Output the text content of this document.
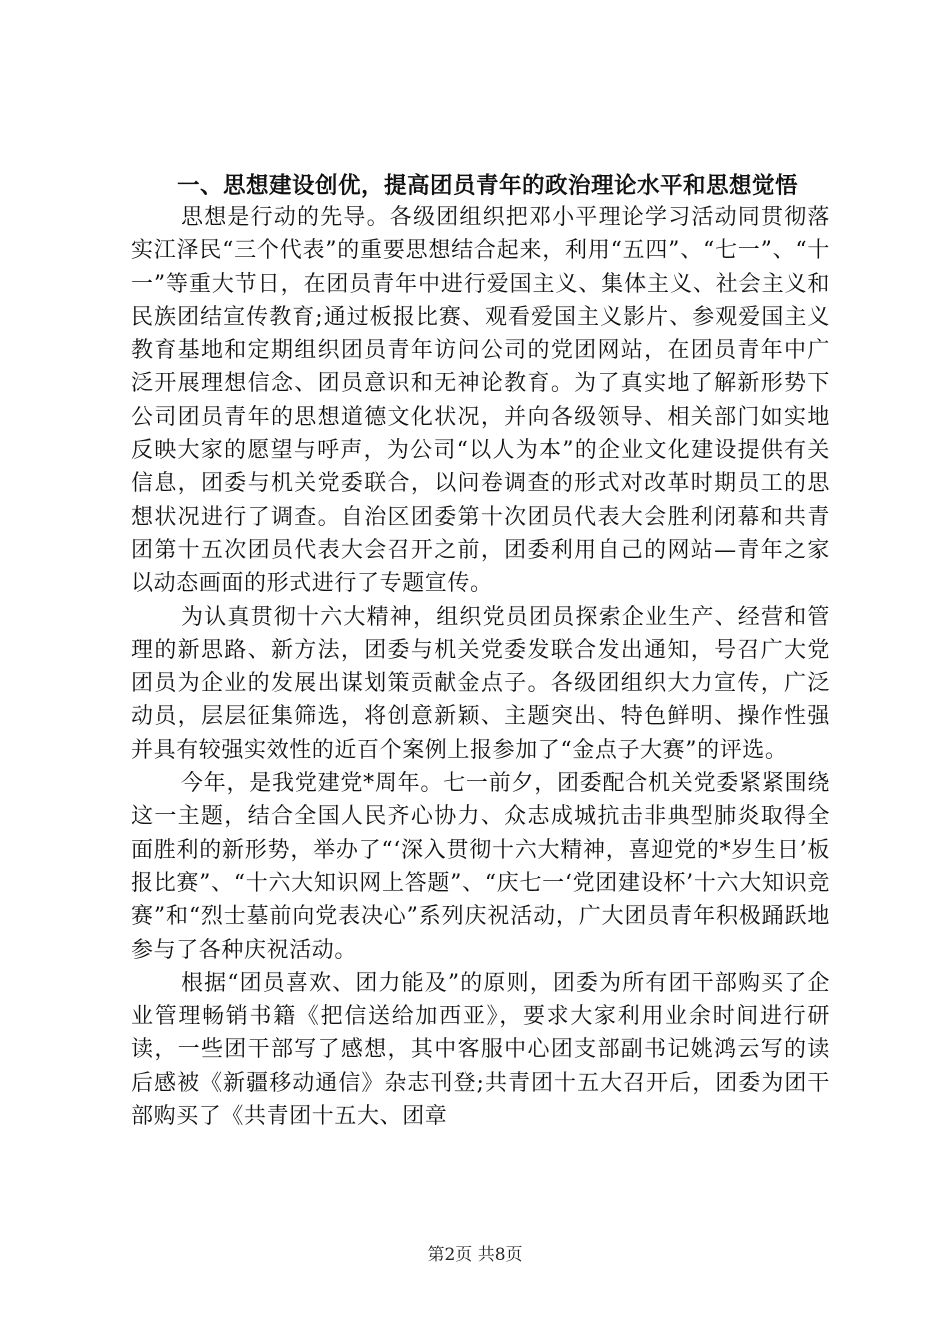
一、思想建设创优，提高团员青年的政治理论水平和思想觉悟

思想是行动的先导。各级团组织把邓小平理论学习活动同贯彻落实江泽民“三个代表”的重要思想结合起来，利用“五四”、“七一”、“十一”等重大节日，在团员青年中进行爱国主义、集体主义、社会主义和民族团结宣传教育;通过板报比赛、观看爱国主义影片、参观爱国主义教育基地和定期组织团员青年访问公司的党团网站，在团员青年中广泛开展理想信念、团员意识和无神论教育。为了真实地了解新形势下公司团员青年的思想道德文化状况，并向各级领导、相关部门如实地反映大家的愿望与呼声，为公司“以人为本”的企业文化建设提供有关信息，团委与机关党委联合，以问卷调查的形式对改革时期员工的思想状况进行了调查。自治区团委第十次团员代表大会胜利闭幕和共青团第十五次团员代表大会召开之前，团委利用自己的网站—青年之家以动态画面的形式进行了专题宣传。

为认真贯彻十六大精神，组织党员团员探索企业生产、经营和管理的新思路、新方法，团委与机关党委发联合发出通知，号召广大党团员为企业的发展出谋划策贡献金点子。各级团组织大力宣传，广泛动员，层层征集筛选，将创意新颖、主题突出、特色鲜明、操作性强并具有较强实效性的近百个案例上报参加了“金点子大赛”的评选。

今年，是我党建党*周年。七一前夕，团委配合机关党委紧紧围绕这一主题，结合全国人民齐心协力、众志成城抗击非典型肺炎取得全面胜利的新形势，举办了“‘深入贯彻十六大精神，喜迎党的*岁生日’板报比赛”、“十六大知识网上答题”、“庆七一‘党团建设杯’十六大知识竞赛”和“烈士墓前向党表决心”系列庆祝活动，广大团员青年积极踊跃地参与了各种庆祝活动。

根据“团员喜欢、团力能及”的原则，团委为所有团干部购买了企业管理畅销书籍《把信送给加西亚》，要求大家利用业余时间进行研读，一些团干部写了感想，其中客服中心团支部副书记姚鸿云写的读后感被《新疆移动通信》杂志刊登;共青团十五大召开后，团委为团干部购买了《共青团十五大、团章

第2页 共8页
